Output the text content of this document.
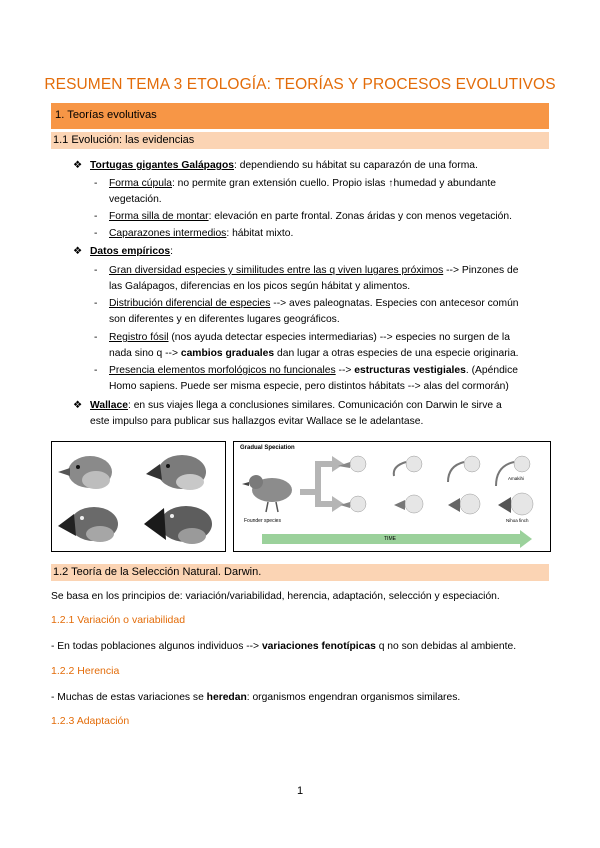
RESUMEN TEMA 3 ETOLOGÍA: TEORÍAS Y PROCESOS EVOLUTIVOS
1. Teorías evolutivas
1.1 Evolución: las evidencias
❖ Tortugas gigantes Galápagos: dependiendo su hábitat su caparazón de una forma.
- Forma cúpula: no permite gran extensión cuello. Propio islas ↑humedad y abundante
vegetación.
- Forma silla de montar: elevación en parte frontal. Zonas áridas y con menos vegetación.
- Caparazones intermedios: hábitat mixto.
❖ Datos empíricos:
- Gran diversidad especies y similitudes entre las q viven lugares próximos --> Pinzones de
las Galápagos, diferencias en los picos según hábitat y alimentos.
- Distribución diferencial de especies --> aves paleognatas. Especies con antecesor común
son diferentes y en diferentes lugares geográficos.
- Registro fósil (nos ayuda detectar especies intermediarias) --> especies no surgen de la
nada sino q --> cambios graduales dan lugar a otras especies de una especie originaria.
- Presencia elementos morfológicos no funcionales --> estructuras vestigiales. (Apéndice
Homo sapiens. Puede ser misma especie, pero distintos hábitats --> alas del cormorán)
❖ Wallace: en sus viajes llega a conclusiones similares. Comunicación con Darwin le sirve a
este impulso para publicar sus hallazgos evitar Wallace se le adelantase.
Gradual Speciation
Founder species
TIME
Amakihi
Nihoa finch
1.2 Teoría de la Selección Natural. Darwin.
Se basa en los principios de: variación/variabilidad, herencia, adaptación, selección y especiación.
1.2.1 Variación o variabilidad
- En todas poblaciones algunos individuos --> variaciones fenotípicas q no son debidas al ambiente.
1.2.2 Herencia
- Muchas de estas variaciones se heredan: organismos engendran organismos similares.
1.2.3 Adaptación
1
